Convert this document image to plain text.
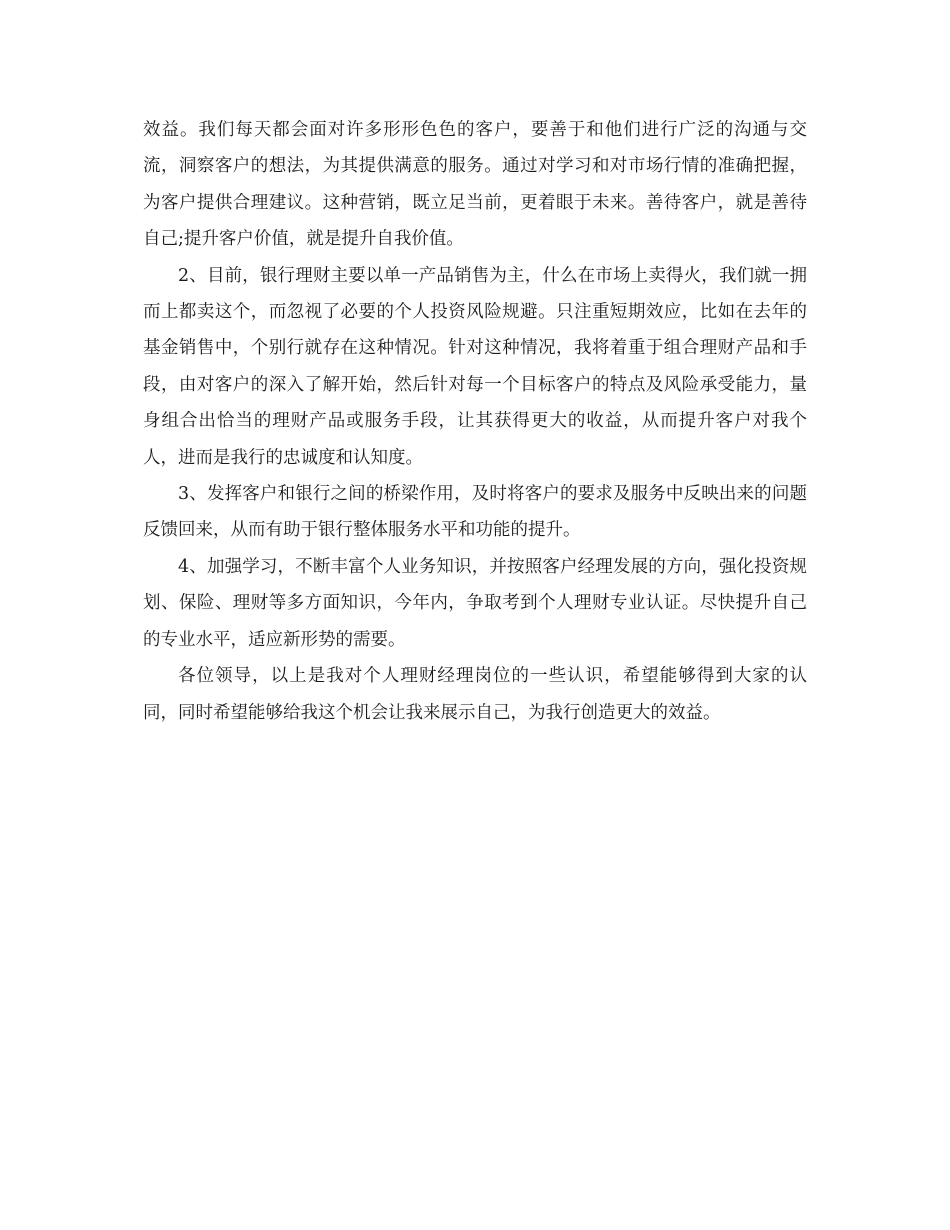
效益。我们每天都会面对许多形形色色的客户，要善于和他们进行广泛的沟通与交流，洞察客户的想法，为其提供满意的服务。通过对学习和对市场行情的准确把握，为客户提供合理建议。这种营销，既立足当前，更着眼于未来。善待客户，就是善待自己;提升客户价值，就是提升自我价值。

2、目前，银行理财主要以单一产品销售为主，什么在市场上卖得火，我们就一拥而上都卖这个，而忽视了必要的个人投资风险规避。只注重短期效应，比如在去年的基金销售中，个别行就存在这种情况。针对这种情况，我将着重于组合理财产品和手段，由对客户的深入了解开始，然后针对每一个目标客户的特点及风险承受能力，量身组合出恰当的理财产品或服务手段，让其获得更大的收益，从而提升客户对我个人，进而是我行的忠诚度和认知度。

3、发挥客户和银行之间的桥梁作用，及时将客户的要求及服务中反映出来的问题反馈回来，从而有助于银行整体服务水平和功能的提升。

4、加强学习，不断丰富个人业务知识，并按照客户经理发展的方向，强化投资规划、保险、理财等多方面知识，今年内，争取考到个人理财专业认证。尽快提升自己的专业水平，适应新形势的需要。

各位领导，以上是我对个人理财经理岗位的一些认识，希望能够得到大家的认同，同时希望能够给我这个机会让我来展示自己，为我行创造更大的效益。
